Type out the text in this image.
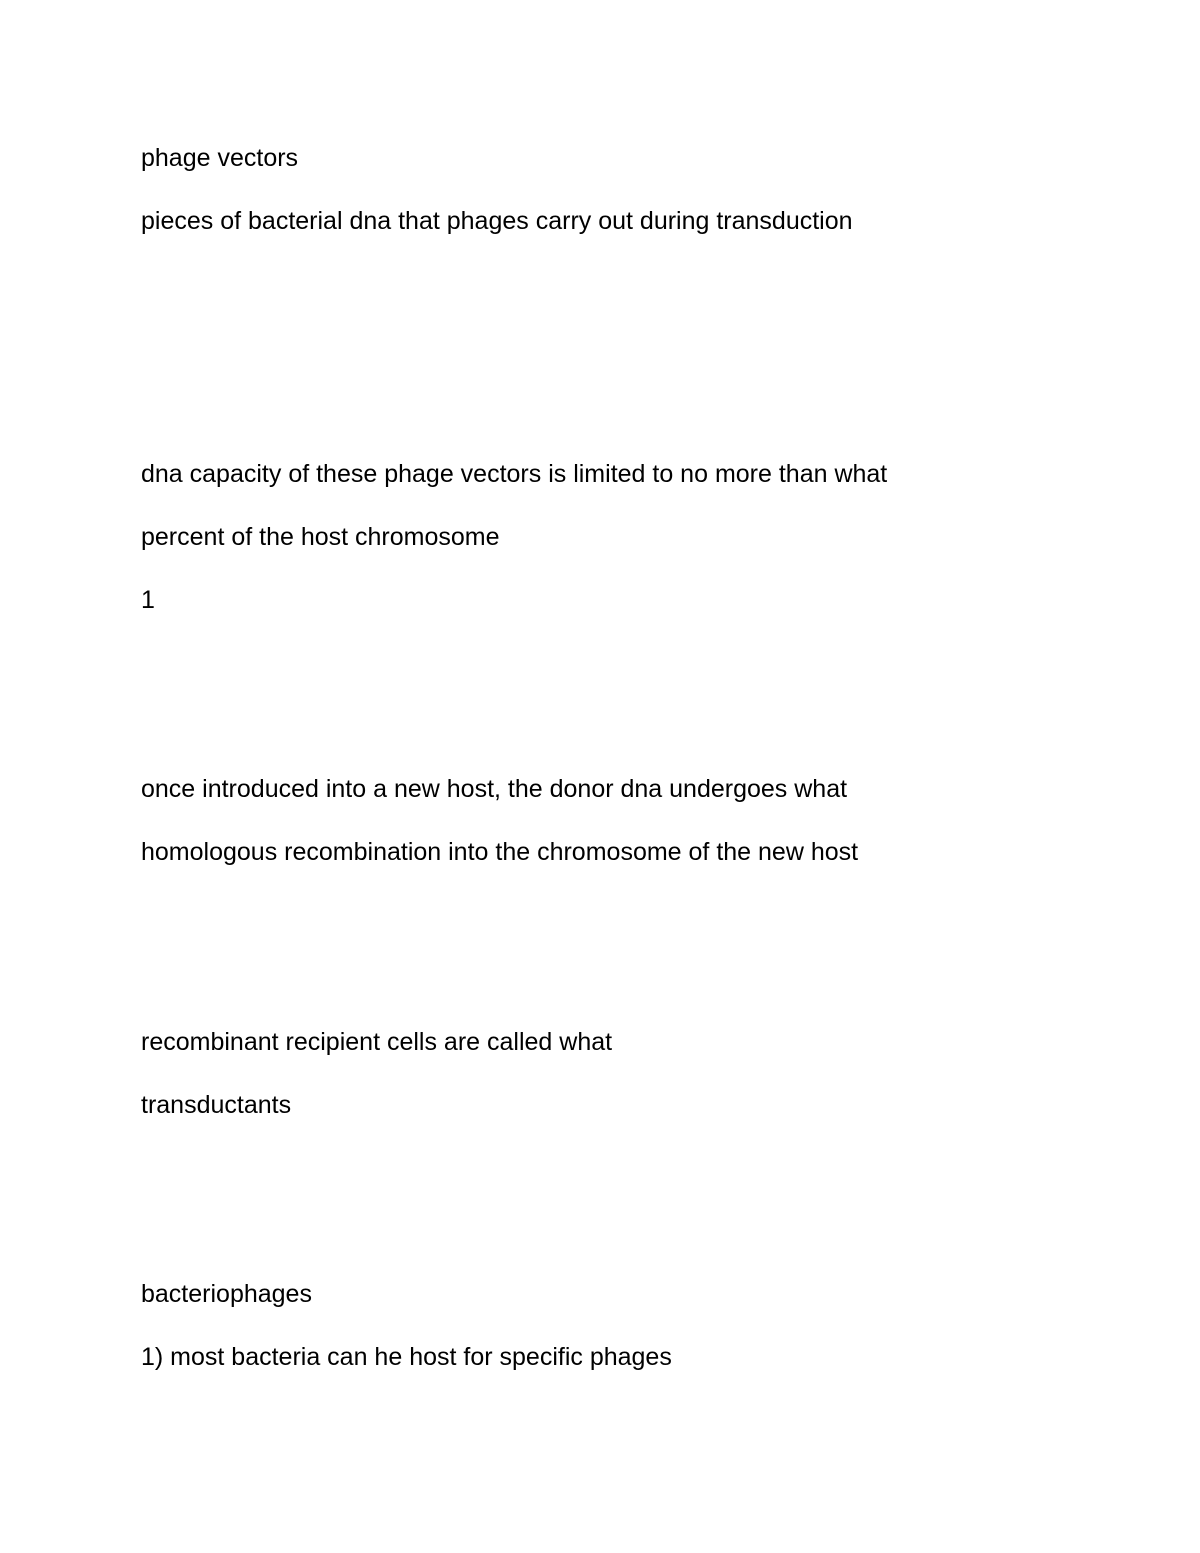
phage vectors

pieces of bacterial dna that phages carry out during transduction

dna capacity of these phage vectors is limited to no more than what

percent of the host chromosome

1

once introduced into a new host, the donor dna undergoes what

homologous recombination into the chromosome of the new host

recombinant recipient cells are called what

transductants

bacteriophages

1) most bacteria can he host for specific phages
